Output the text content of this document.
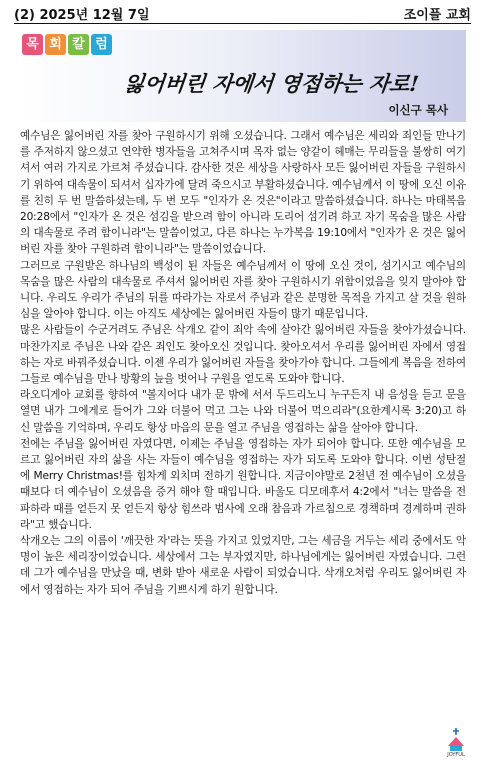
(2) 2025년 12월 7일	조이플 교회
목 회 칼 럼
잃어버린 자에서 영접하는 자로!
이신구 목사

예수님은 잃어버린 자를 찾아 구원하시기 위해 오셨습니다. 그래서 예수님은 세리와 죄인들 만나기를 주저하지 않으셨고 연약한 병자들을 고쳐주시며 목자 없는 양같이 헤매는 무리들을 불쌍히 여기셔서 여러 가지로 가르쳐 주셨습니다. 감사한 것은 세상을 사랑하사 모든 잃어버린 자들을 구원하시기 위하여 대속물이 되셔서 십자가에 달려 죽으시고 부활하셨습니다. 예수님께서 이 땅에 오신 이유를 친히 두 번 말씀하셨는데, 두 번 모두 "인자가 온 것은"이라고 말씀하셨습니다. 하나는 마태복음 20:28에서 "인자가 온 것은 섬김을 받으려 함이 아니라 도리어 섬기려 하고 자기 목숨을 많은 사람의 대속물로 주려 함이니라"는 말씀이었고, 다른 하나는 누가복음 19:10에서 "인자가 온 것은 잃어버린 자를 찾아 구원하려 함이니라"는 말씀이었습니다.

그러므로 구원받은 하나님의 백성이 된 자들은 예수님께서 이 땅에 오신 것이, 섬기시고 예수님의 목숨을 많은 사람의 대속물로 주셔서 잃어버린 자를 찾아 구원하시기 위함이었음을 잊지 말아야 합니다. 우리도 우리가 주님의 뒤를 따라가는 자로서 주님과 같은 분명한 목적을 가지고 살 것을 원하심을 알아야 합니다. 이는 아직도 세상에는 잃어버린 자들이 많기 때문입니다.

많은 사람들이 수군거려도 주님은 삭개오 같이 죄악 속에 살아간 잃어버린 자들을 찾아가셨습니다. 마찬가지로 주님은 나와 같은 죄인도 찾아오신 것입니다. 찾아오셔서 우리를 잃어버린 자에서 영접하는 자로 바꿔주셨습니다. 이젠 우리가 잃어버린 자들을 찾아가야 합니다. 그들에게 복음을 전하여 그들로 예수님을 만나 방황의 늪을 벗어나 구원을 얻도록 도와야 합니다.

라오디게아 교회를 향하여 "볼지어다 내가 문 밖에 서서 두드리노니 누구든지 내 음성을 듣고 문을 열면 내가 그에게로 들어가 그와 더불어 먹고 그는 나와 더불어 먹으리라"(요한계시록 3:20)고 하신 말씀을 기억하며, 우리도 항상 마음의 문을 열고 주님을 영접하는 삶을 살아야 합니다.

전에는 주님을 잃어버린 자였다면, 이제는 주님을 영접하는 자가 되어야 합니다. 또한 예수님을 모르고 잃어버린 자의 삶을 사는 자들이 예수님을 영접하는 자가 되도록 도와야 합니다. 이번 성탄절에 Merry Christmas!를 힘차게 외치며 전하기 원합니다. 지금이야말로 2천년 전 예수님이 오셨을 때보다 더 예수님이 오셨음을 증거 해야 할 때입니다. 바울도 디모데후서 4:2에서 "너는 말씀을 전파하라 때를 얻든지 못 얻든지 항상 힘쓰라 범사에 오래 참음과 가르침으로 경책하며 경계하며 권하라"고 했습니다.

삭개오는 그의 이름이 '깨끗한 자'라는 뜻을 가지고 있었지만, 그는 세금을 거두는 세리 중에서도 악명이 높은 세리장이었습니다. 세상에서 그는 부자였지만, 하나님에게는 잃어버린 자였습니다. 그런데 그가 예수님을 만났을 때, 변화 받아 새로운 사람이 되었습니다. 삭개오처럼 우리도 잃어버린 자에서 영접하는 자가 되어 주님을 기쁘시게 하기 원합니다.

JOYFUL
